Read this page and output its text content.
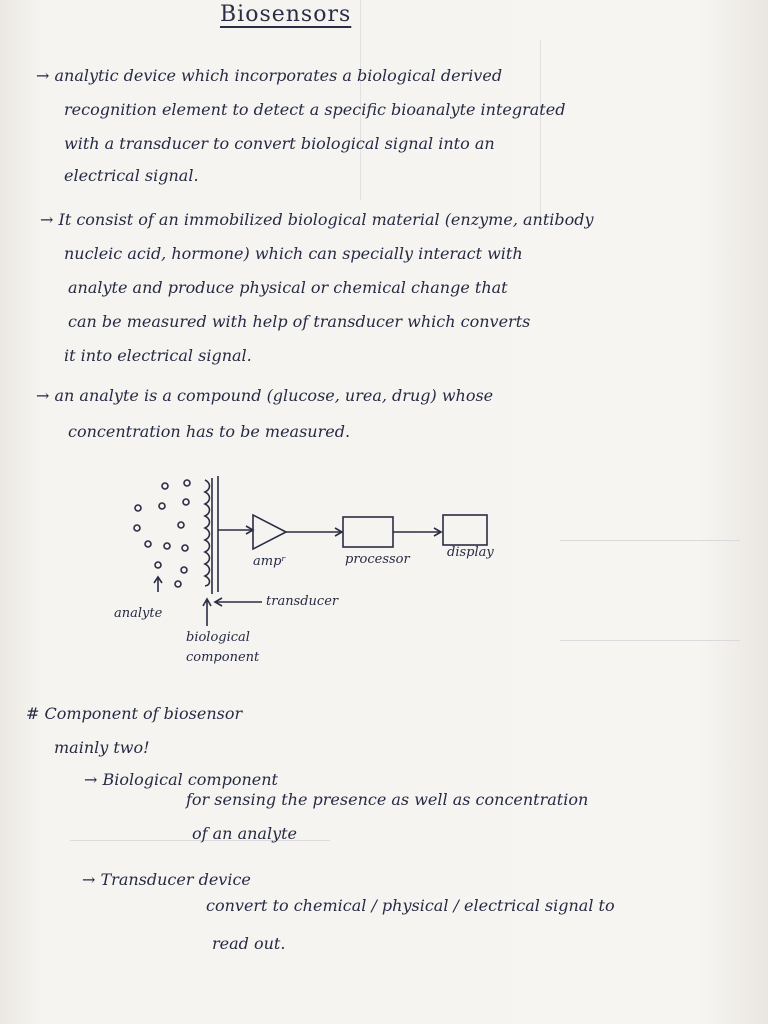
Biosensors
→ analytic device which incorporates a biological derived
recognition element to detect a specific bioanalyte integrated
with a transducer to convert biological signal into an
electrical signal.
→ It consist of an immobilized biological material (enzyme, antibody
nucleic acid, hormone) which can specially interact with
analyte and produce physical or chemical change that
can be measured with help of transducer which converts
it into electrical signal.
→ an analyte is a compound (glucose, urea, drug) whose
concentration has to be measured.
ampʳ	processor	display
transducer
analyte
biological
component
# Component of biosensor
mainly two!
→ Biological component
for sensing the presence as well as concentration
of an analyte
→ Transducer device
convert to chemical / physical / electrical signal to
read out.
